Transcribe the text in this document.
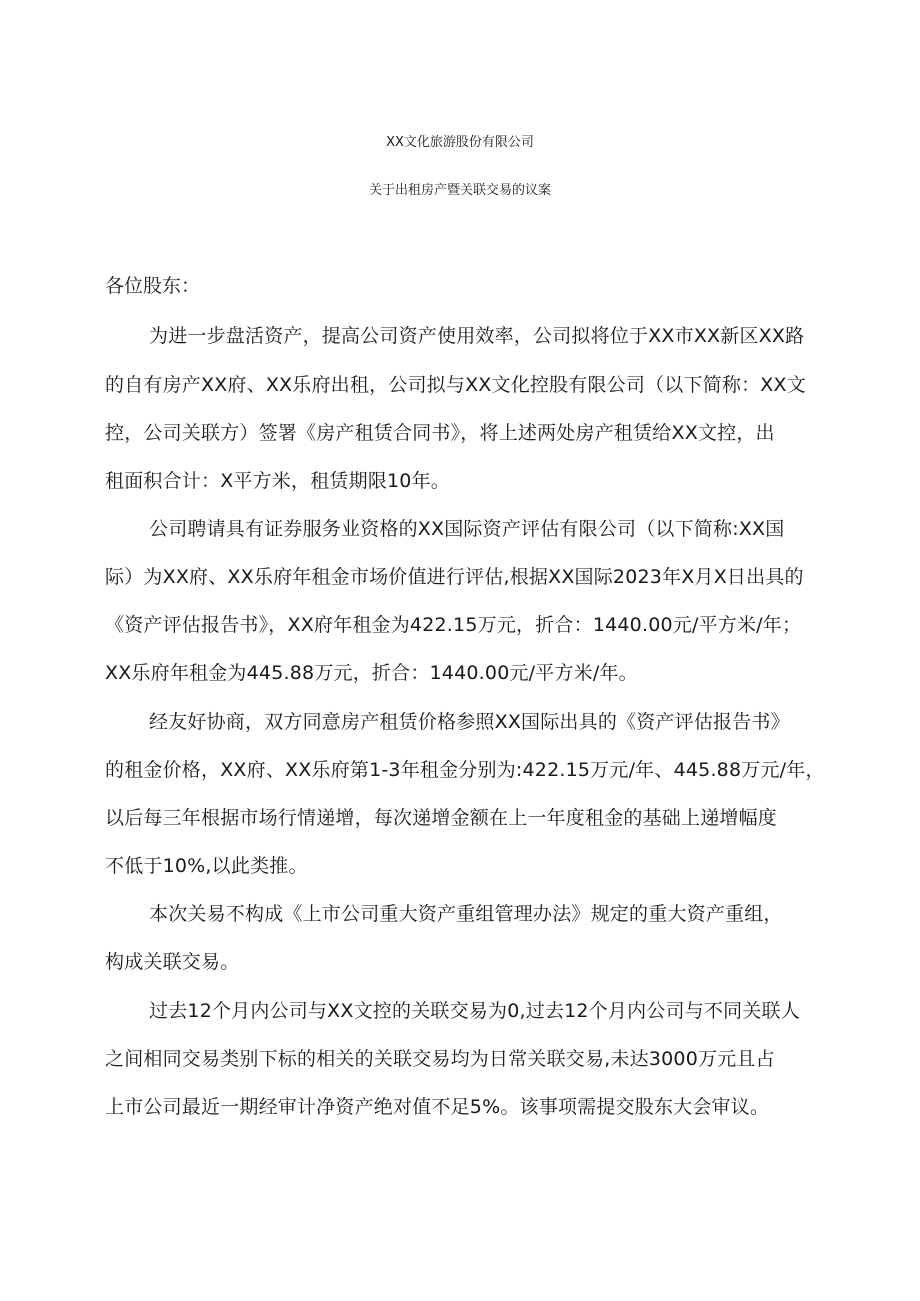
XX文化旅游股份有限公司
关于出租房产暨关联交易的议案
各位股东：
为进一步盘活资产，提高公司资产使用效率，公司拟将位于XX市XX新区XX路
的自有房产XX府、XX乐府出租，公司拟与XX文化控股有限公司（以下简称：XX文
控，公司关联方）签署《房产租赁合同书》，将上述两处房产租赁给XX文控，出
租面积合计：X平方米，租赁期限10年。
公司聘请具有证券服务业资格的XX国际资产评估有限公司（以下简称:XX国
际）为XX府、XX乐府年租金市场价值进行评估,根据XX国际2023年X月X日出具的
《资产评估报告书》，XX府年租金为422.15万元，折合：1440.00元/平方米/年；
XX乐府年租金为445.88万元，折合：1440.00元/平方米/年。
经友好协商，双方同意房产租赁价格参照XX国际出具的《资产评估报告书》
的租金价格，XX府、XX乐府第1-3年租金分别为:422.15万元/年、445.88万元/年，
以后每三年根据市场行情递增，每次递增金额在上一年度租金的基础上递增幅度
不低于10%,以此类推。
本次关易不构成《上市公司重大资产重组管理办法》规定的重大资产重组，
构成关联交易。
过去12个月内公司与XX文控的关联交易为0,过去12个月内公司与不同关联人
之间相同交易类别下标的相关的关联交易均为日常关联交易,未达3000万元且占
上市公司最近一期经审计净资产绝对值不足5%。该事项需提交股东大会审议。
